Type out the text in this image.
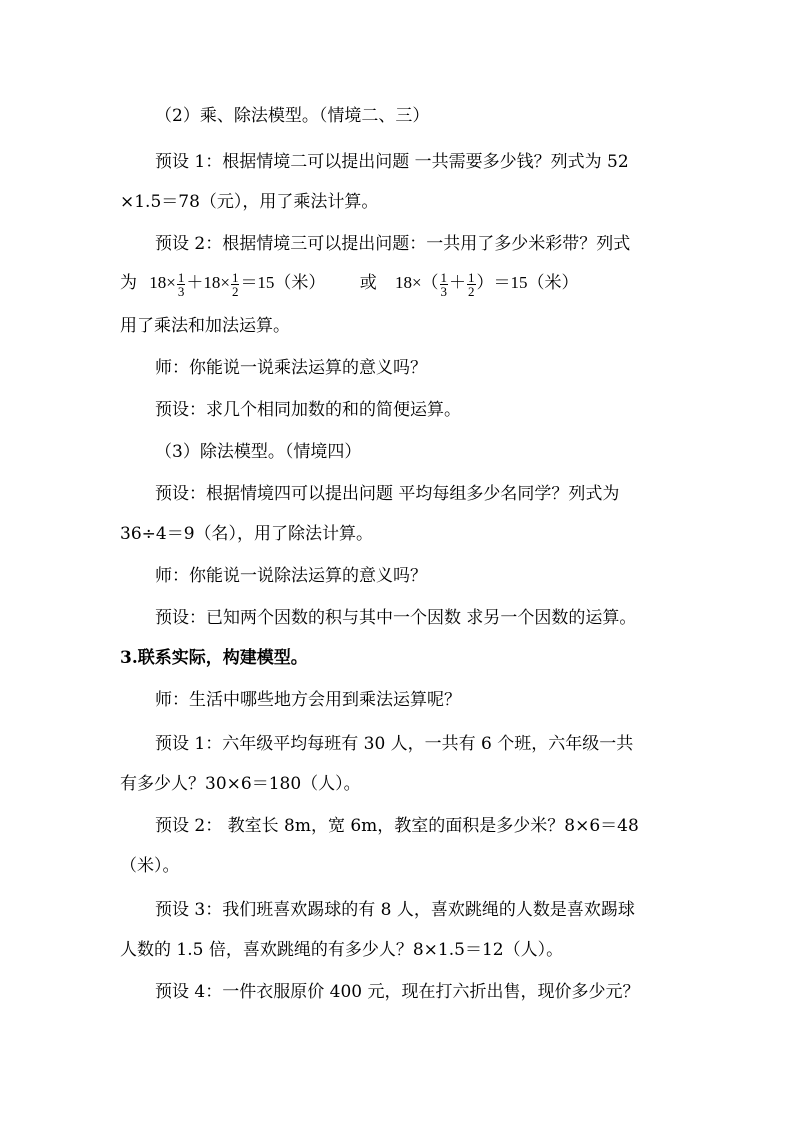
（2）乘、除法模型。（情境二、三）
预设 1：根据情境二可以提出问题 一共需要多少钱？列式为 52
×1.5＝78（元），用了乘法计算。
预设 2：根据情境三可以提出问题：一共用了多少米彩带？列式
为 $18\times \frac{1}{3} +18\times \frac{1}{2} =15$（米） 或 $18\times( \frac{1}{3} + \frac{1}{2} )=15$（米）
用了乘法和加法运算。
师：你能说一说乘法运算的意义吗？
预设：求几个相同加数的和的简便运算。
（3）除法模型。（情境四）
预设：根据情境四可以提出问题 平均每组多少名同学？列式为
36÷4＝9（名），用了除法计算。
师：你能说一说除法运算的意义吗？
预设：已知两个因数的积与其中一个因数 求另一个因数的运算。
3.联系实际，构建模型。
师：生活中哪些地方会用到乘法运算呢？
预设 1：六年级平均每班有 30 人，一共有 6 个班，六年级一共
有多少人？30×6＝180（人）。
预设 2： 教室长 8m，宽 6m，教室的面积是多少米？8×6＝48
（米）。
预设 3：我们班喜欢踢球的有 8 人，喜欢跳绳的人数是喜欢踢球
人数的 1.5 倍，喜欢跳绳的有多少人？8×1.5＝12（人）。
预设 4：一件衣服原价 400 元，现在打六折出售，现价多少元？
